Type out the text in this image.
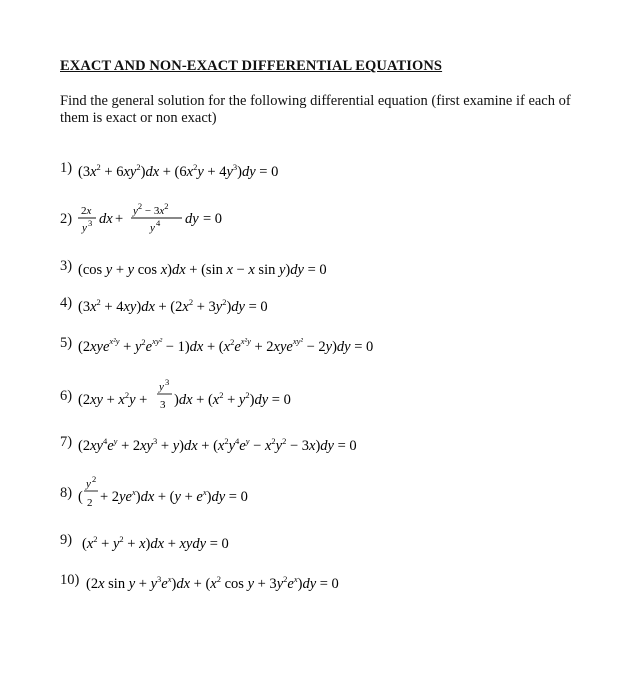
EXACT AND NON-EXACT DIFFERENTIAL EQUATIONS
Find the general solution for the following differential equation (first examine if each of them is exact or non exact)
1) $(3x^2 + 6xy^2)dx + (6x^2y + 4y^3)dy = 0$
2) 2x
y 3 dx + $y^2 - 3x^2$
y 4 dy = 0
3) (cos y + y cos x)dx + (sin x − x sin y)dy = 0
4) $(3x^2 + 4xy)dx + (2x^2 + 3y^2)dy = 0$
5) $(2xye^{x^2y} + y^2e^{xy^2} - 1)dx + (x^2e^{x^2y} + 2xye^{xy^2} - 2y)dy = 0$
6) ($2xy + x^2y$ +
y 3
3 )$dx + (x^2 + y^2)dy = 0$
7) $(2xy^4e^y + 2xy^3 + y)dx + (x^2y^4e^y - x^2y^2 - 3x)dy = 0$
8) (
y 2
$2 + 2ye^x)dx + (y + e^x)dy = 0$
9) $(x^2 + y^2 + x)dx$ + xydy = 0
10) (2x $\sin y + y^3e^x)dx + (x^2$ $\cos y + 3y^2e^x)dy = 0$
